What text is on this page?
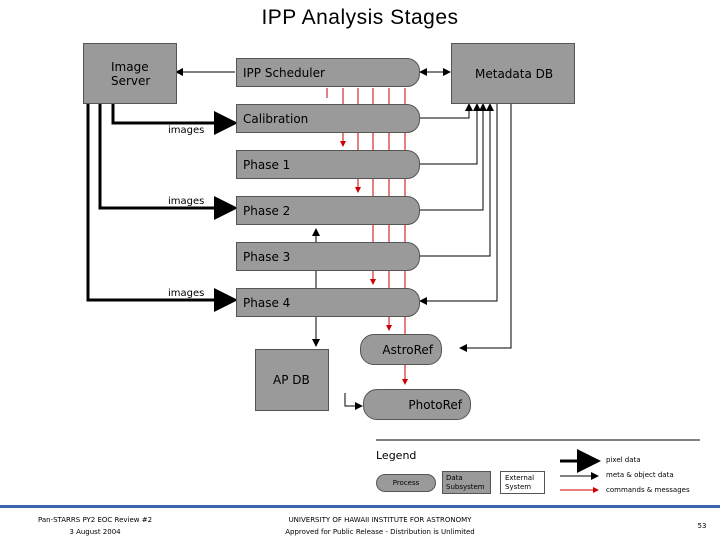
IPP Analysis Stages
Image
Server
IPP Scheduler	Metadata DB
Calibration
Phase 1
Phase 2
Phase 3
Phase 4
AstroRef
AP DB
PhotoRef
images
images
images
Legend
Process
Data
Subsystem
External
System
pixel data
meta & object data
commands & messages
Pan-STARRS PY2 EOC Review #2
3 August 2004
UNIVERSITY OF HAWAII INSTITUTE FOR ASTRONOMY
Approved for Public Release - Distribution is Unlimited
53
